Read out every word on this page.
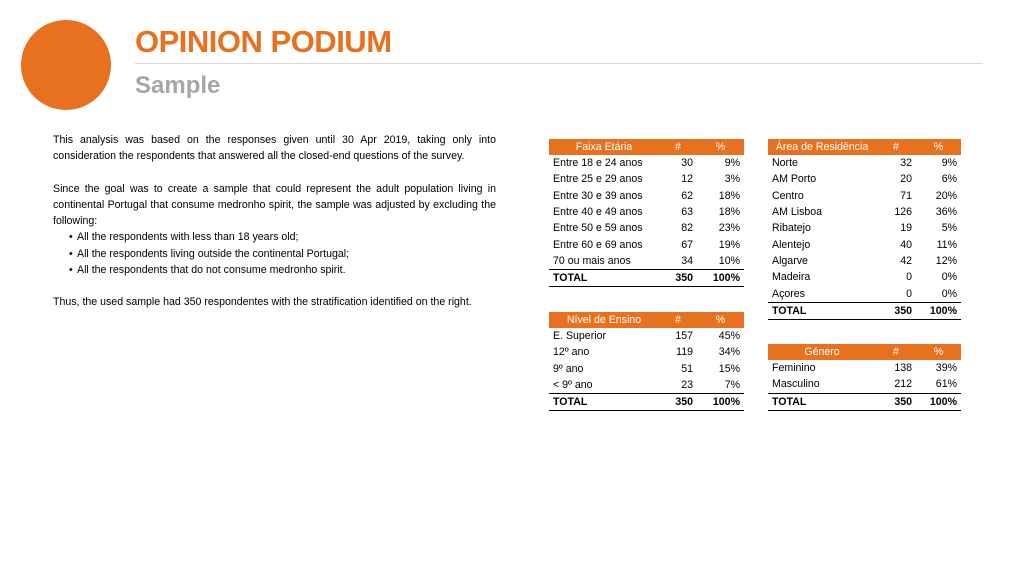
OPINION PODIUM
Sample

This analysis was based on the responses given until 30 Apr 2019, taking only into consideration the respondents that answered all the closed-end questions of the survey.

Since the goal was to create a sample that could represent the adult population living in continental Portugal that consume medronho spirit, the sample was adjusted by excluding the following:

• All the respondents with less than 18 years old;
• All the respondents living outside the continental Portugal;
• All the respondents that do not consume medronho spirit.

Thus, the used sample had 350 respondentes with the stratification identified on the right.

Faixa Etária	#	%
Entre 18 e 24 anos	30	9%
Entre 25 e 29 anos	12	3%
Entre 30 e 39 anos	62	18%
Entre 40 e 49 anos	63	18%
Entre 50 e 59 anos	82	23%
Entre 60 e 69 anos	67	19%
70 ou mais anos	34	10%
TOTAL	350	100%
Nível de Ensino	#	%
E. Superior	157	45%
12º ano	119	34%
9º ano	51	15%
< 9º ano	23	7%
TOTAL	350	100%
Área de Residência	#	%
Norte	32	9%
AM Porto	20	6%
Centro	71	20%
AM Lisboa	126	36%
Ribatejo	19	5%
Alentejo	40	11%
Algarve	42	12%
Madeira	0	0%
Açores	0	0%
TOTAL	350	100%
Género	#	%
Feminino	138	39%
Masculino	212	61%
TOTAL	350	100%
